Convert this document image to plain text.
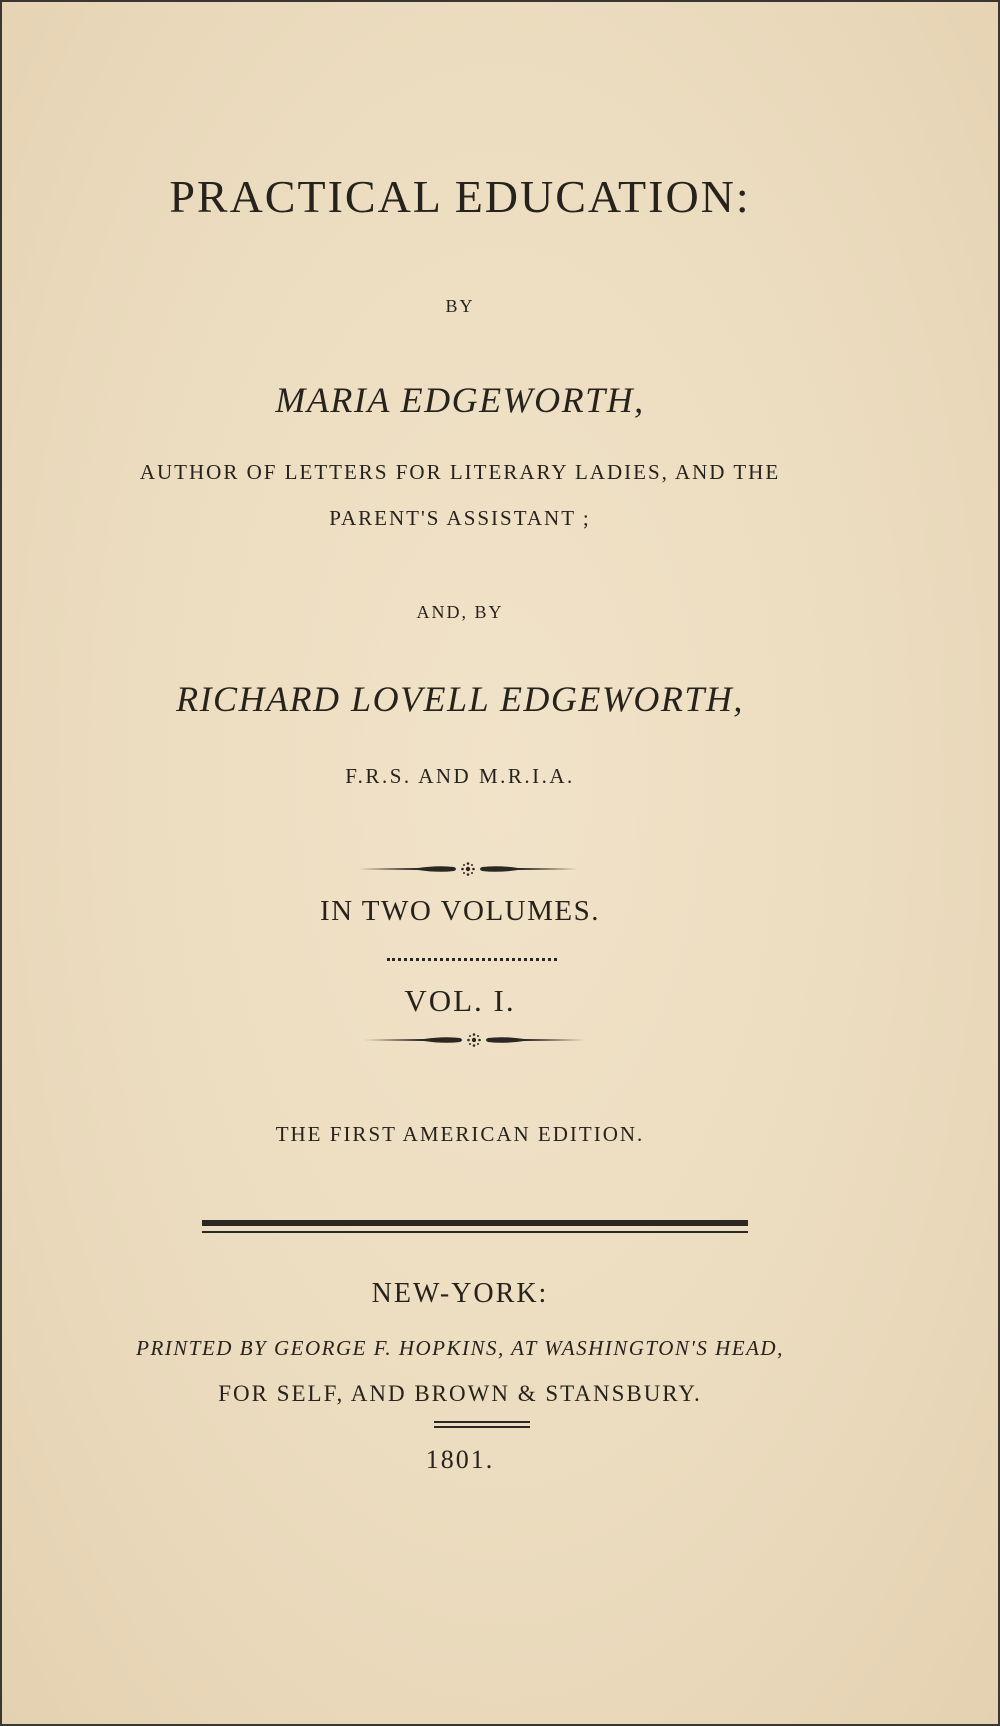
PRACTICAL EDUCATION:
BY
MARIA EDGEWORTH,
AUTHOR OF LETTERS FOR LITERARY LADIES, AND THE
PARENT'S ASSISTANT ;
AND, BY
RICHARD LOVELL EDGEWORTH,
F.R.S. AND M.R.I.A.
IN TWO VOLUMES.
VOL. I.
THE FIRST AMERICAN EDITION.
NEW-YORK:
PRINTED BY GEORGE F. HOPKINS, AT WASHINGTON'S HEAD,
FOR SELF, AND BROWN & STANSBURY.
1801.
